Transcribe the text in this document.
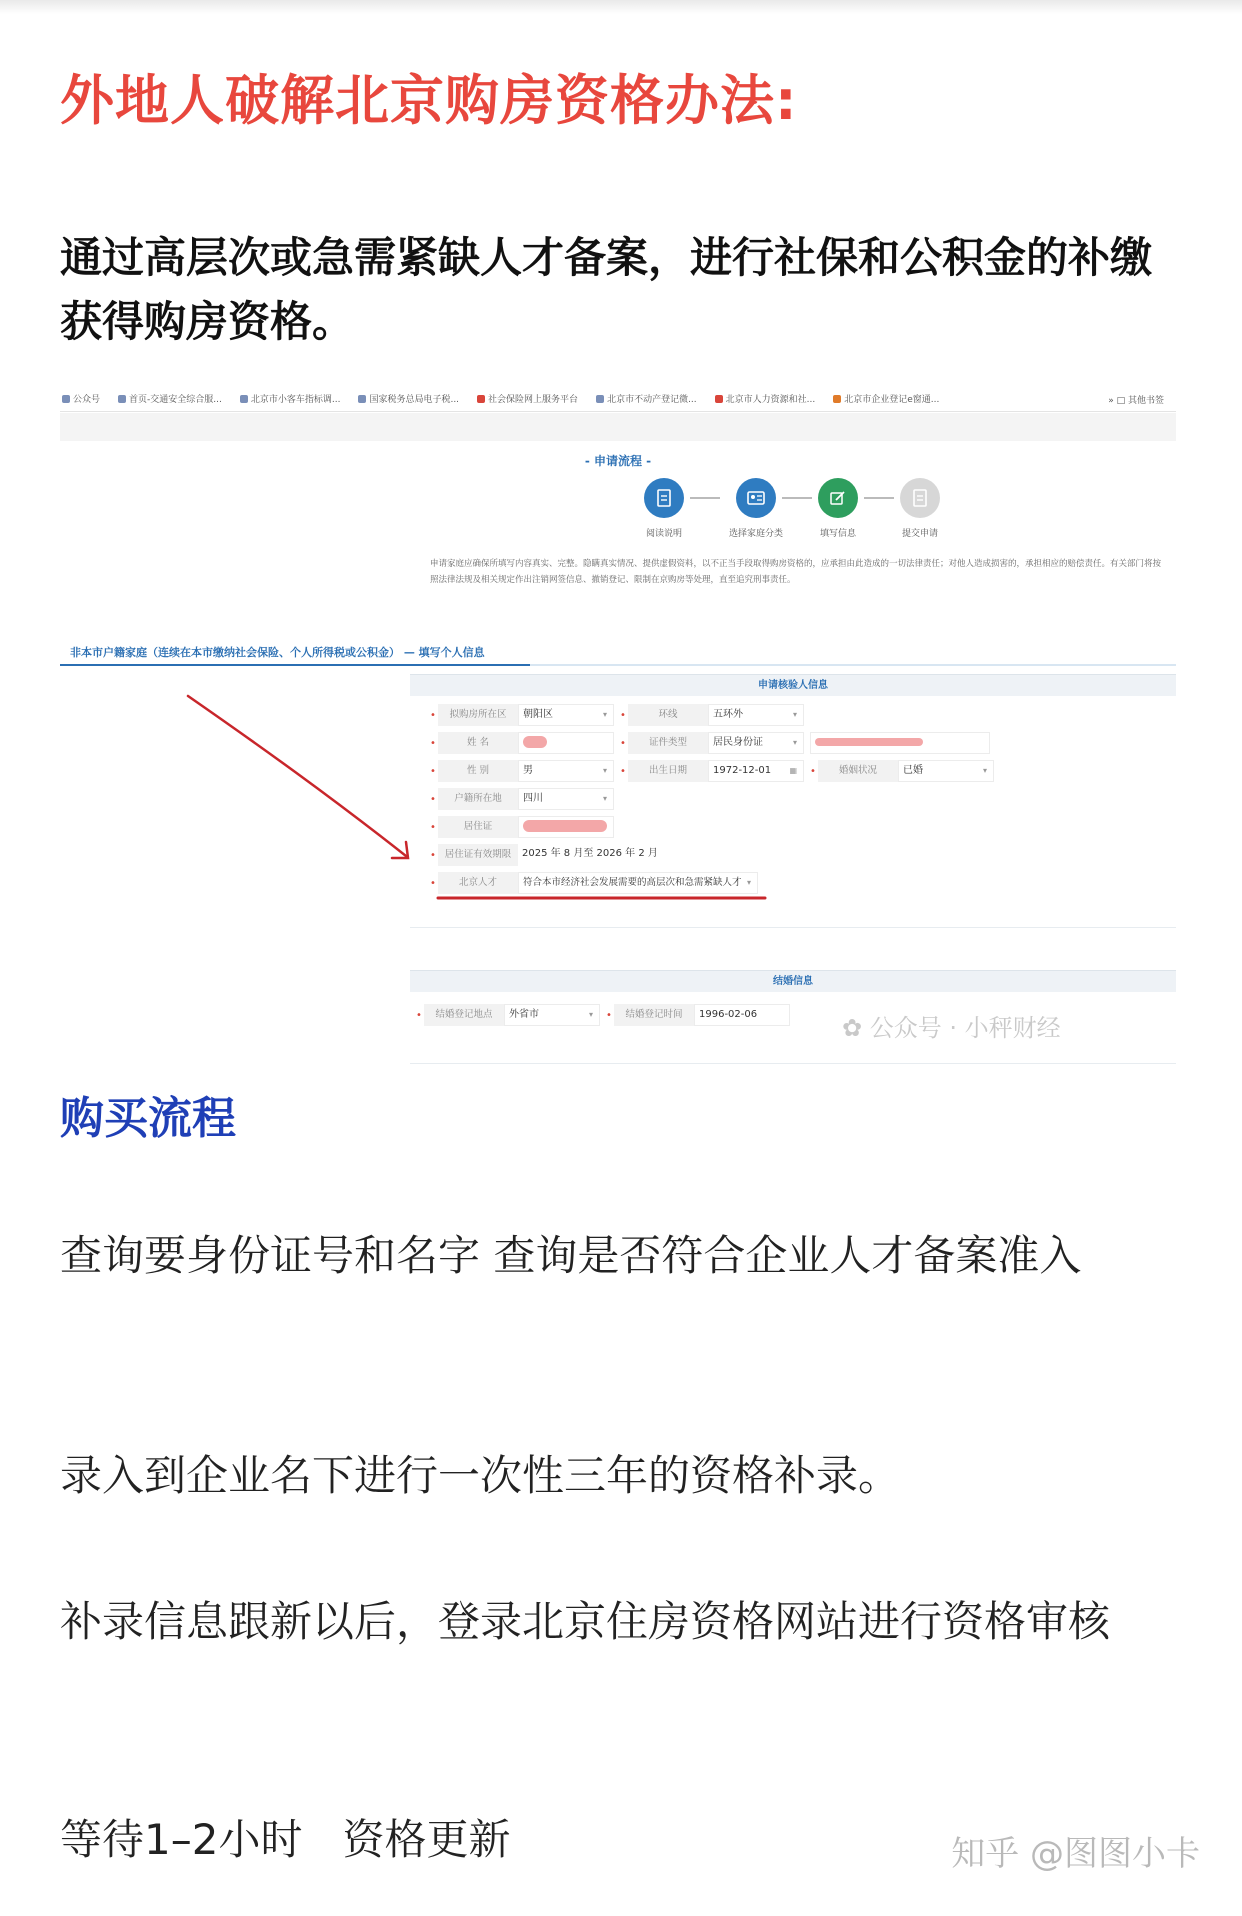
外地人破解北京购房资格办法:
通过高层次或急需紧缺人才备案，进行社保和公积金的补缴获得购房资格。
公众号	首页-交通安全综合服...	北京市小客车指标调...	国家税务总局电子税...	社会保险网上服务平台	北京市不动产登记微...	北京市人力资源和社...	北京市企业登记e窗通...	» □ 其他书签
- 申请流程 -
阅读说明	选择家庭分类	填写信息	提交申请
申请家庭应确保所填写内容真实、完整。隐瞒真实情况、提供虚假资料，以不正当手段取得购房资格的，应承担由此造成的一切法律责任；对他人造成损害的，承担相应的赔偿责任。有关部门将按照法律法规及相关规定作出注销网签信息、撤销登记、限制在京购房等处理，直至追究刑事责任。
非本市户籍家庭（连续在本市缴纳社会保险、个人所得税或公积金） — 填写个人信息
申请核验人信息
•	拟购房所在区	朝阳区	▾ •	环线	五环外	▾
•	姓 名	•	证件类型	居民身份证	▾
•	性 别	男	▾ •	出生日期	1972-12-01 ▦ •	婚姻状况	已婚	▾
•	户籍所在地	四川	▾
•	居住证
• 居住证有效期限	2025 年 8 月至 2026 年 2 月
•	北京人才	符合本市经济社会发展需要的高层次和急需紧缺人才 ▾
结婚信息
•	结婚登记地点	外省市	▾ •	结婚登记时间	1996-02-06	✿ 公众号 · 小秤财经
购买流程
查询要身份证号和名字 查询是否符合企业人才备案准入
录入到企业名下进行一次性三年的资格补录。
补录信息跟新以后，登录北京住房资格网站进行资格审核
等待1–2小时   资格更新	知乎 @图图小卡
